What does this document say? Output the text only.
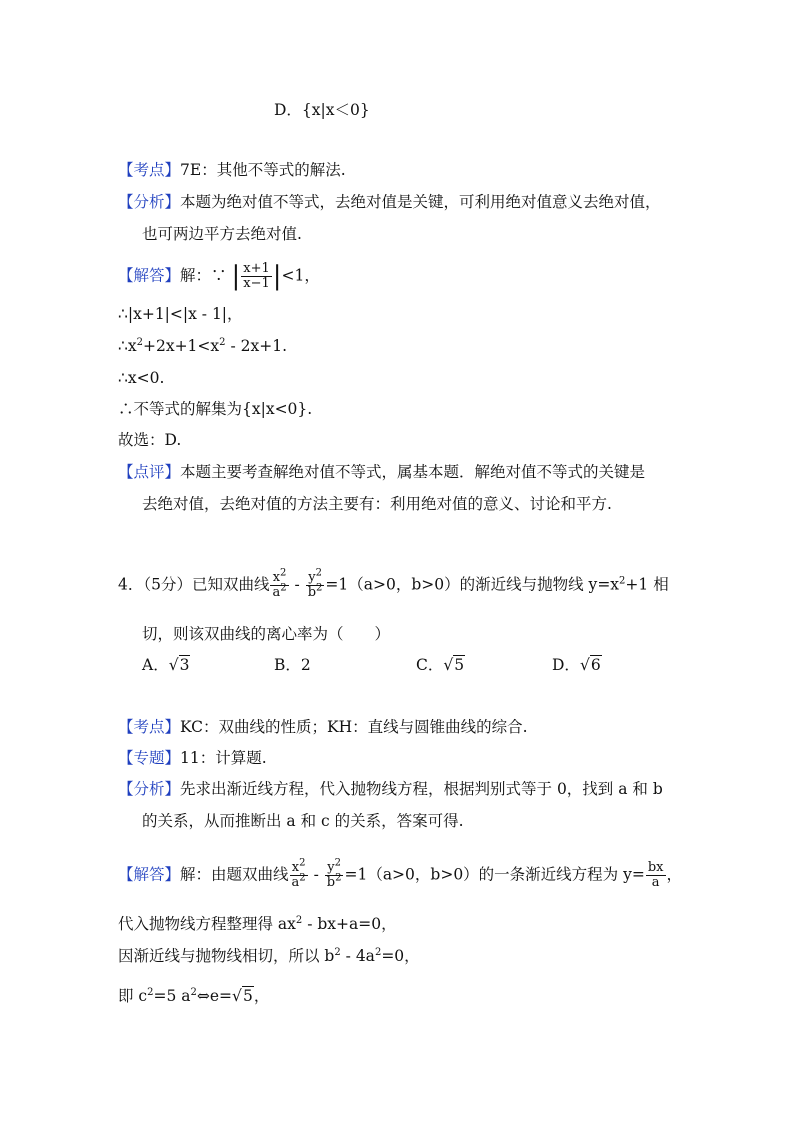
D．{x|x＜0}
【考点】7E：其他不等式的解法.
【分析】本题为绝对值不等式，去绝对值是关键，可利用绝对值意义去绝对值，
也可两边平方去绝对值.
【解答】解：∵ | $\frac{x+1}{x-1} |<1$，
∴|x+1|<|x - 1|，
$\therefore x^2+2x+1<x^2 - 2x+1$.
∴x<0.
∴不等式的解集为{x|x<0}.
故选：D.
【点评】本题主要考查解绝对值不等式，属基本题．解绝对值不等式的关键是
去绝对值，去绝对值的方法主要有：利用绝对值的意义、讨论和平方.
4．（5分）已知双曲线 $\frac{x^2}{a^2} - \frac{y^2}{b^2} =1(a>0$，b>0）的渐近线与抛物线 $y=x^2+1$ 相
切，则该双曲线的离心率为（　　）
A．√3	B．2	C．√5	D．√6
【考点】KC：双曲线的性质；KH：直线与圆锥曲线的综合.
【专题】11：计算题.
【分析】先求出渐近线方程，代入抛物线方程，根据判别式等于 0，找到 a 和 b
的关系，从而推断出 a 和 c 的关系，答案可得.
【解答】解：由题双曲线 $\frac{x^2}{a^2} - \frac{y^2}{b^2} =1(a>0$，b>0）的一条渐近线方程为 $y= \frac{bx}{a}$ ，
代入抛物线方程整理得 $ax^2 - bx+a=0$，
因渐近线与抛物线相切，所以 $b^2 - 4a^2=0$，
即 $c^2=5$ $a^2\Leftrightarrow e=√5$，
